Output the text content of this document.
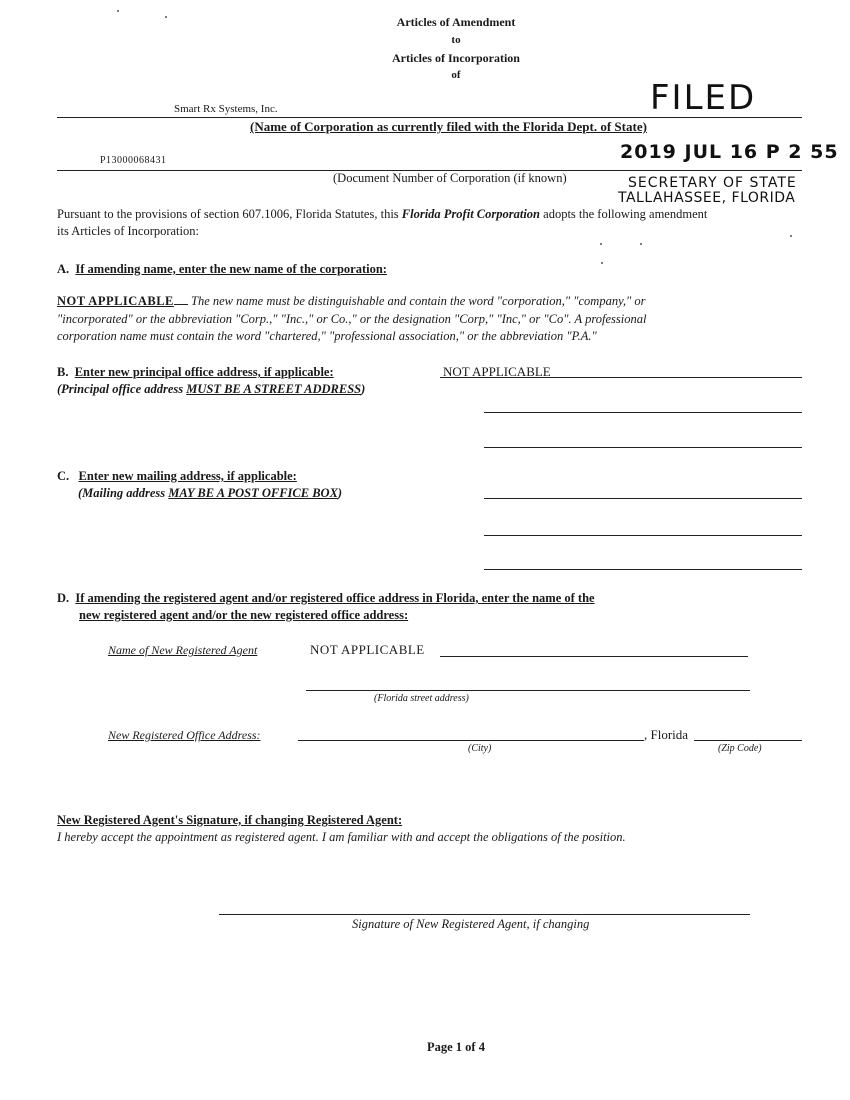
Articles of Amendment
to
Articles of Incorporation
of
Smart Rx Systems, Inc.	FILED
(Name of Corporation as currently filed with the Florida Dept. of State)
P13000068431	2019 JUL 16 P 2 55
(Document Number of Corporation (if known)	SECRETARY OF STATE
TALLAHASSEE, FLORIDA
Pursuant to the provisions of section 607.1006, Florida Statutes, this Florida Profit Corporation adopts the following amendment
its Articles of Incorporation:
A. If amending name, enter the new name of the corporation:
NOT APPLICABLE The new name must be distinguishable and contain the word "corporation," "company," or
"incorporated" or the abbreviation "Corp.," "Inc.," or Co.," or the designation "Corp," "Inc," or "Co". A professional
corporation name must contain the word "chartered," "professional association," or the abbreviation "P.A."
B. Enter new principal office address, if applicable:	NOT APPLICABLE
(Principal office address MUST BE A STREET ADDRESS)
C. Enter new mailing address, if applicable:
(Mailing address MAY BE A POST OFFICE BOX)
D. If amending the registered agent and/or registered office address in Florida, enter the name of the
new registered agent and/or the new registered office address:
Name of New Registered Agent	NOT APPLICABLE
(Florida street address)
New Registered Office Address:	, Florida
(City)	(Zip Code)
New Registered Agent's Signature, if changing Registered Agent:
I hereby accept the appointment as registered agent. I am familiar with and accept the obligations of the position.
Signature of New Registered Agent, if changing
Page 1 of 4
